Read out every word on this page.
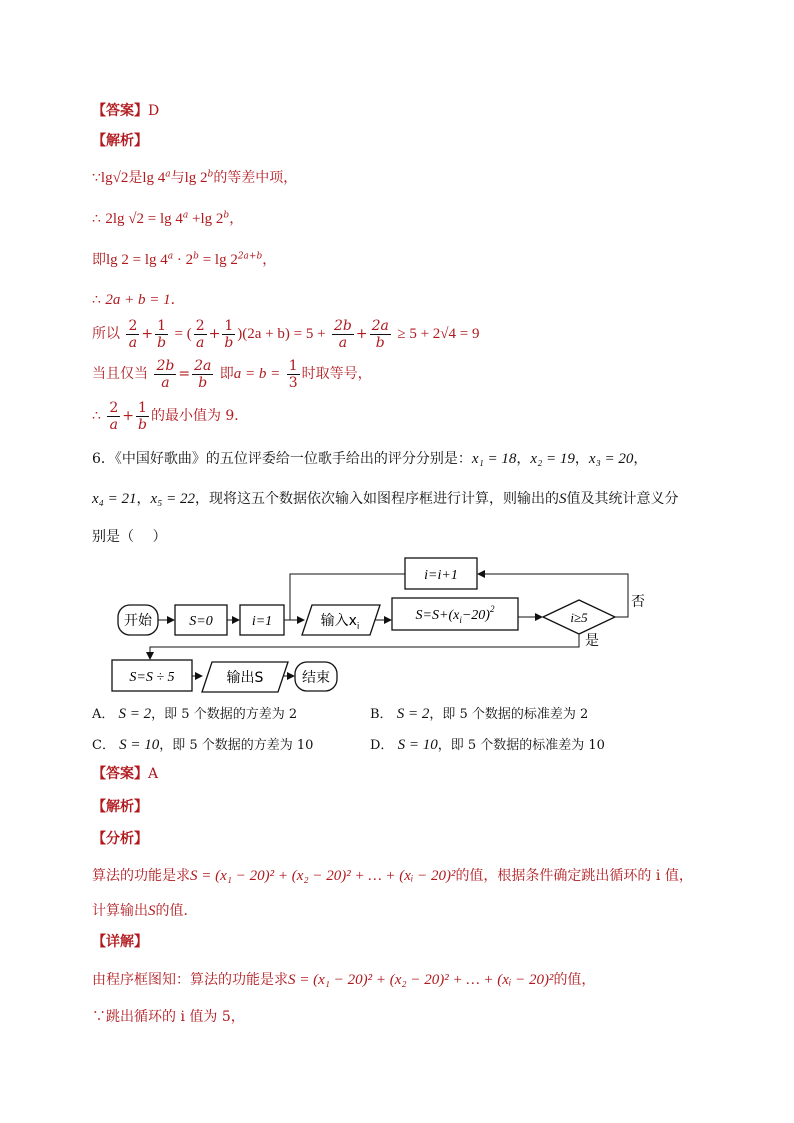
【答案】D
【解析】
∵lg√2是lg 4$^a$与lg 2$^b$的等差中项，
∴ 2lg $√2 = \lg 4^a +\lg$ 2$^b$，
即$\lg 2 = \lg 4^a \cdot 2^b = \lg 2^{2a+b}$，
∴ 2a + b = 1．
所以 $\frac{2}{a} + \frac{1}{b}$ = ( $\frac{2}{a} + \frac{1}{b} )(2a + b) = 5 + \frac{2b}{a} + \frac{2a}{b} \ge 5 + 2√4 = 9$
当且仅当 $\frac{2b}{a} = \frac{2a}{b}$ 即$a = b = \frac{1}{3}$ 时取等号，
∴ $\frac{2}{a} + \frac{1}{b}$ 的最小值为 9．
6．《中国好歌曲》的五位评委给一位歌手给出的评分分别是：x₁ = 18，x₂ = 19，x₃ = 20，
x₄ = 21，x₅ = 22，现将这五个数据依次输入如图程序框进行计算，则输出的S值及其统计意义分
别是（　 ）
开始	S=0	i=1	输入$x_i$
$S=S+(x_i-20)^2$
i≥5
否
i=i+1
是
S=S ÷ 5	输出S	结束
A． S = 2，即 5 个数据的方差为 2	B． S = 2，即 5 个数据的标准差为 2
C． S = 10，即 5 个数据的方差为 10	D． S = 10，即 5 个数据的标准差为 10
【答案】A
【解析】
【分析】
算法的功能是求S = (x₁ − 20)² + (x₂ − 20)² + … + (xᵢ − 20)²的值，根据条件确定跳出循环的 i 值，
计算输出S的值．
【详解】
由程序框图知：算法的功能是求S = (x₁ − 20)² + (x₂ − 20)² + … + (xᵢ − 20)²的值，
∵跳出循环的 i 值为 5，
